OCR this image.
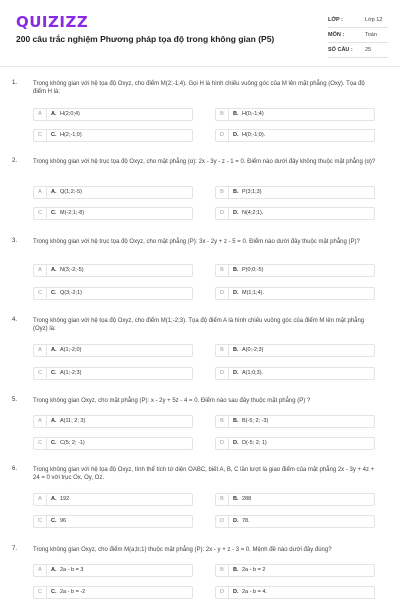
QUIZIZZ
200 câu trắc nghiệm Phương pháp tọa độ trong không gian (P5)
LỚP :	Lớp 12
MÔN :	Toán
SỐ CÂU : 25
1.	Trong không gian với hệ tọa độ Oxyz, cho điểm M(2;-1;4). Gọi H là hình chiếu vuông góc của M lên mặt phẳng (Oxy). Tọa độ điểm H là:
A	A. H(2;0;4)	B	B. H(0;-1;4)
C	C. H(2;-1;0)	D	D. H(0;-1;0).
2.	Trong không gian với hệ trục tọa độ Oxyz, cho mặt phẳng (α): 2x - 3y - z - 1 = 0. Điểm nào dưới đây không thuộc mặt phẳng (α)?
A	A. Q(1;2;-5)	B	B. P(3;1;3)
C	C. M(-2;1;-8)	D	D. N(4;2;1).
3.	Trong không gian với hệ trục tọa độ Oxyz, cho mặt phẳng (P): 3x - 2y + z - 5 = 0. Điểm nào dưới đây thuộc mặt phẳng (P)?
A	A. N(3;-2;-5)	B	B. P(0;0;-5)
C	C. Q(3;-2;1)	D	D. M(1;1;4).
4.	Trong không gian với hệ tọa độ Oxyz, cho điểm M(1;-2;3). Tọa độ điểm A là hình chiếu vuông góc của điểm M lên mặt phẳng (Oyz) là:
A	A. A(1;-2;0)	B	B. A(0;-2;3)
C	C. A(1;-2;3)	D	D. A(1;0;3).
5.	Trong không gian Oxyz, cho mặt phẳng (P): x - 2y + 5z - 4 = 0. Điểm nào sau đây thuộc mặt phẳng (P) ?
A	A. A(11; 2; 3)	B	B. B(-5; 2; -3)
C	C. C(5; 2; -1)	D	D. D(-5; 2; 1)
6.	Trong không gian với hệ tọa độ Oxyz, tính thể tích tứ diện OABC, biết A, B, C lần lượt là giao điểm của mặt phẳng 2x - 3y + 4z + 24 = 0 với trục Ox, Oy, Oz.
A	A. 192	B	B. 288
C	C. 96	D	D. 78.
7.	Trong không gian Oxyz, cho điểm M(a;b;1) thuộc mặt phẳng (P): 2x - y + z - 3 = 0. Mệnh đề nào dưới đây đúng?
A	A. 2a - b = 3	B	B. 2a - b = 2
C	C. 2a - b = -2	D	D. 2a - b = 4.
